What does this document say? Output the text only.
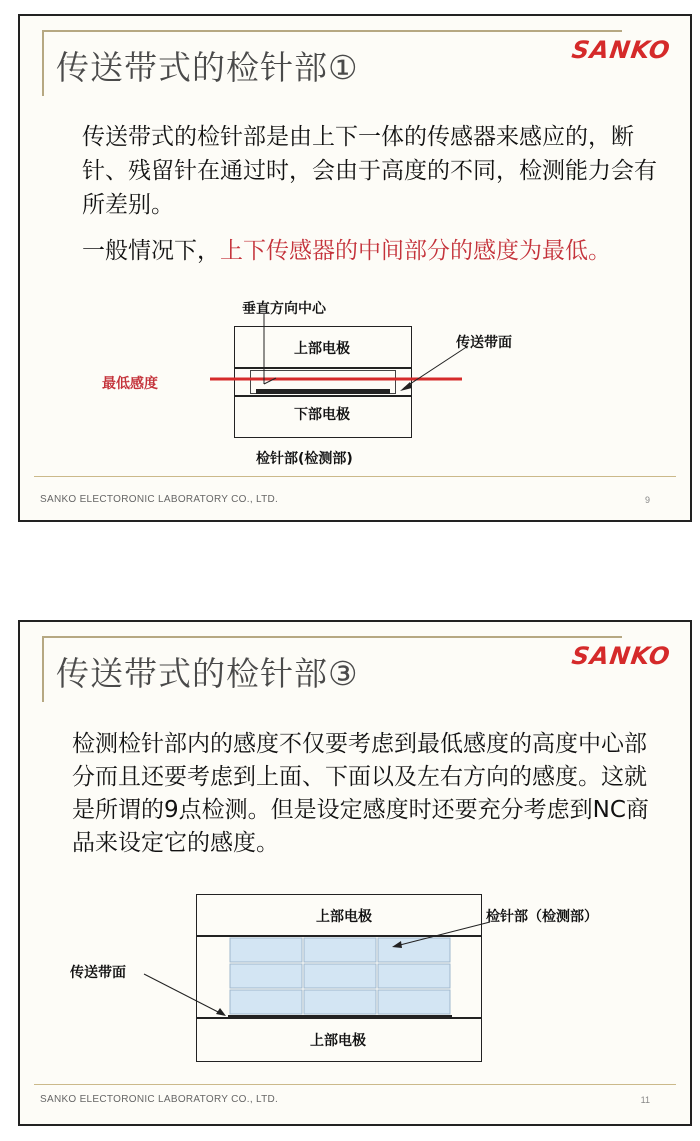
传送带式的检针部①	SANKO
传送带式的检针部是由上下一体的传感器来感应的，断针、残留针在通过时，会由于高度的不同，检测能力会有所差别。
一般情况下，上下传感器的中间部分的感度为最低。
垂直方向中心
上部电极
下部电极
传送带面
最低感度
检针部(检测部)
SANKO ELECTORONIC LABORATORY CO., LTD.	9
传送带式的检针部③	SANKO
检测检针部内的感度不仅要考虑到最低感度的高度中心部分而且还要考虑到上面、下面以及左右方向的感度。这就是所谓的9点检测。但是设定感度时还要充分考虑到NC商品来设定它的感度。
上部电极
上部电极
检针部（检测部）
传送带面
SANKO ELECTORONIC LABORATORY CO., LTD.	11
